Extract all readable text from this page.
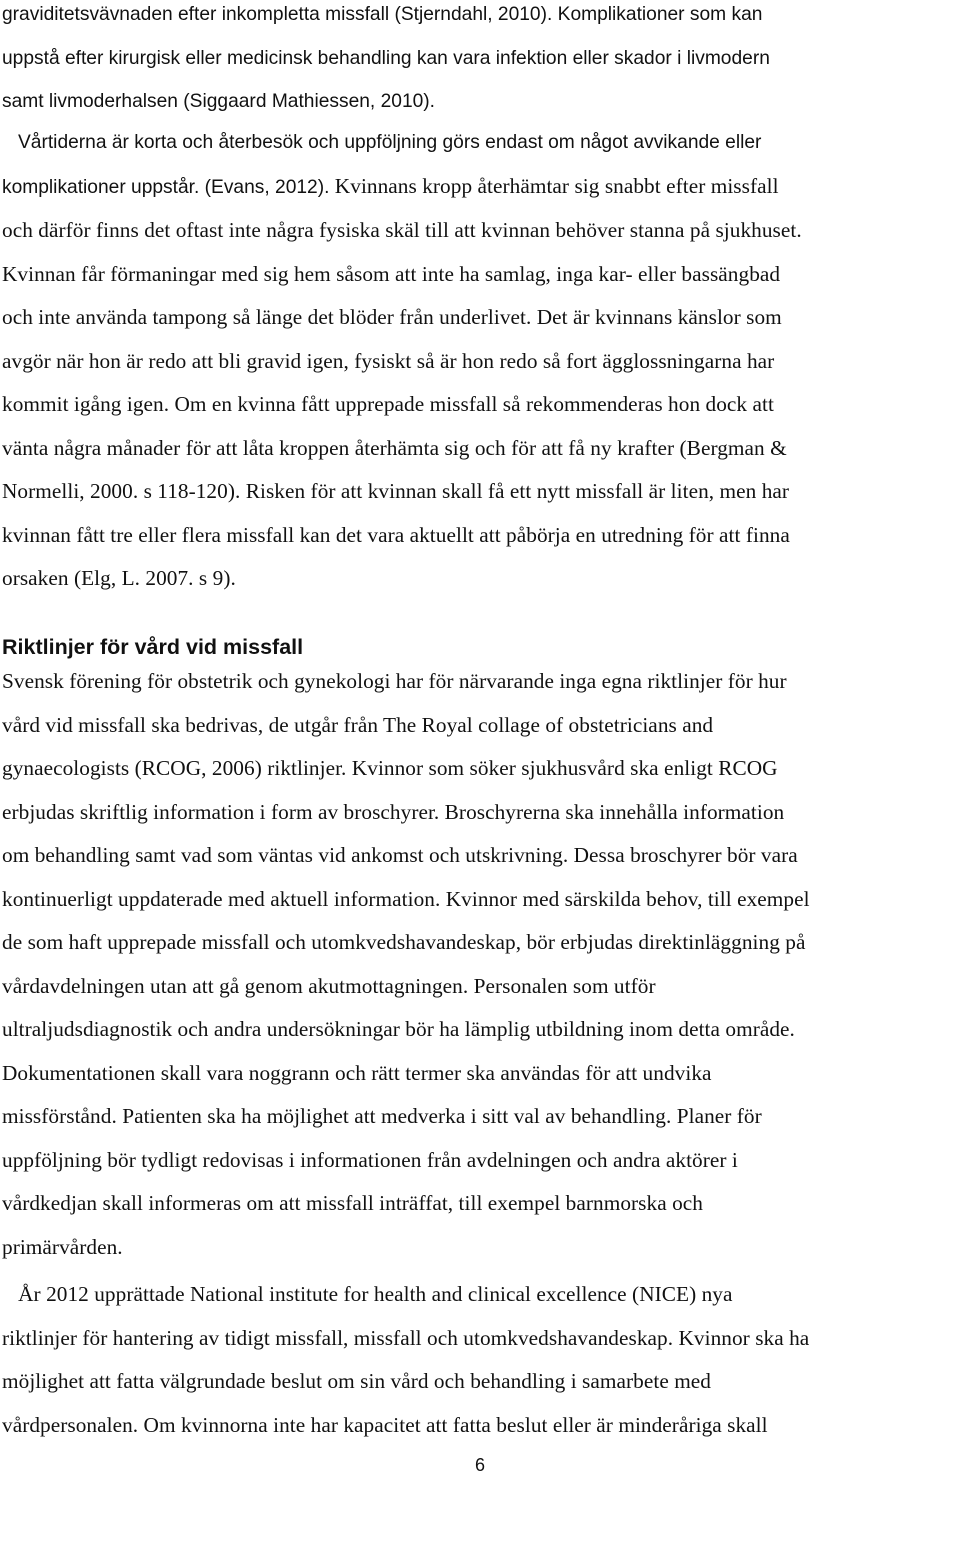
graviditetsvävnaden efter inkompletta missfall (Stjerndahl, 2010). Komplikationer som kan
uppstå efter kirurgisk eller medicinsk behandling kan vara infektion eller skador i livmodern
samt livmoderhalsen (Siggaard Mathiessen, 2010).
Vårtiderna är korta och återbesök och uppföljning görs endast om något avvikande eller
komplikationer uppstår. (Evans, 2012). Kvinnans kropp återhämtar sig snabbt efter missfall
och därför finns det oftast inte några fysiska skäl till att kvinnan behöver stanna på sjukhuset.
Kvinnan får förmaningar med sig hem såsom att inte ha samlag, inga kar- eller bassängbad
och inte använda tampong så länge det blöder från underlivet. Det är kvinnans känslor som
avgör när hon är redo att bli gravid igen, fysiskt så är hon redo så fort ägglossningarna har
kommit igång igen. Om en kvinna fått upprepade missfall så rekommenderas hon dock att
vänta några månader för att låta kroppen återhämta sig och för att få ny krafter (Bergman &
Normelli, 2000. s 118-120). Risken för att kvinnan skall få ett nytt missfall är liten, men har
kvinnan fått tre eller flera missfall kan det vara aktuellt att påbörja en utredning för att finna
orsaken (Elg, L. 2007. s 9).
Riktlinjer för vård vid missfall
Svensk förening för obstetrik och gynekologi har för närvarande inga egna riktlinjer för hur
vård vid missfall ska bedrivas, de utgår från The Royal collage of obstetricians and
gynaecologists (RCOG, 2006) riktlinjer. Kvinnor som söker sjukhusvård ska enligt RCOG
erbjudas skriftlig information i form av broschyrer. Broschyrerna ska innehålla information
om behandling samt vad som väntas vid ankomst och utskrivning. Dessa broschyrer bör vara
kontinuerligt uppdaterade med aktuell information. Kvinnor med särskilda behov, till exempel
de som haft upprepade missfall och utomkvedshavandeskap, bör erbjudas direktinläggning på
vårdavdelningen utan att gå genom akutmottagningen. Personalen som utför
ultraljudsdiagnostik och andra undersökningar bör ha lämplig utbildning inom detta område.
Dokumentationen skall vara noggrann och rätt termer ska användas för att undvika
missförstånd. Patienten ska ha möjlighet att medverka i sitt val av behandling. Planer för
uppföljning bör tydligt redovisas i informationen från avdelningen och andra aktörer i
vårdkedjan skall informeras om att missfall inträffat, till exempel barnmorska och
primärvården.
År 2012 upprättade National institute for health and clinical excellence (NICE) nya
riktlinjer för hantering av tidigt missfall, missfall och utomkvedshavandeskap. Kvinnor ska ha
möjlighet att fatta välgrundade beslut om sin vård och behandling i samarbete med
vårdpersonalen. Om kvinnorna inte har kapacitet att fatta beslut eller är minderåriga skall

6
